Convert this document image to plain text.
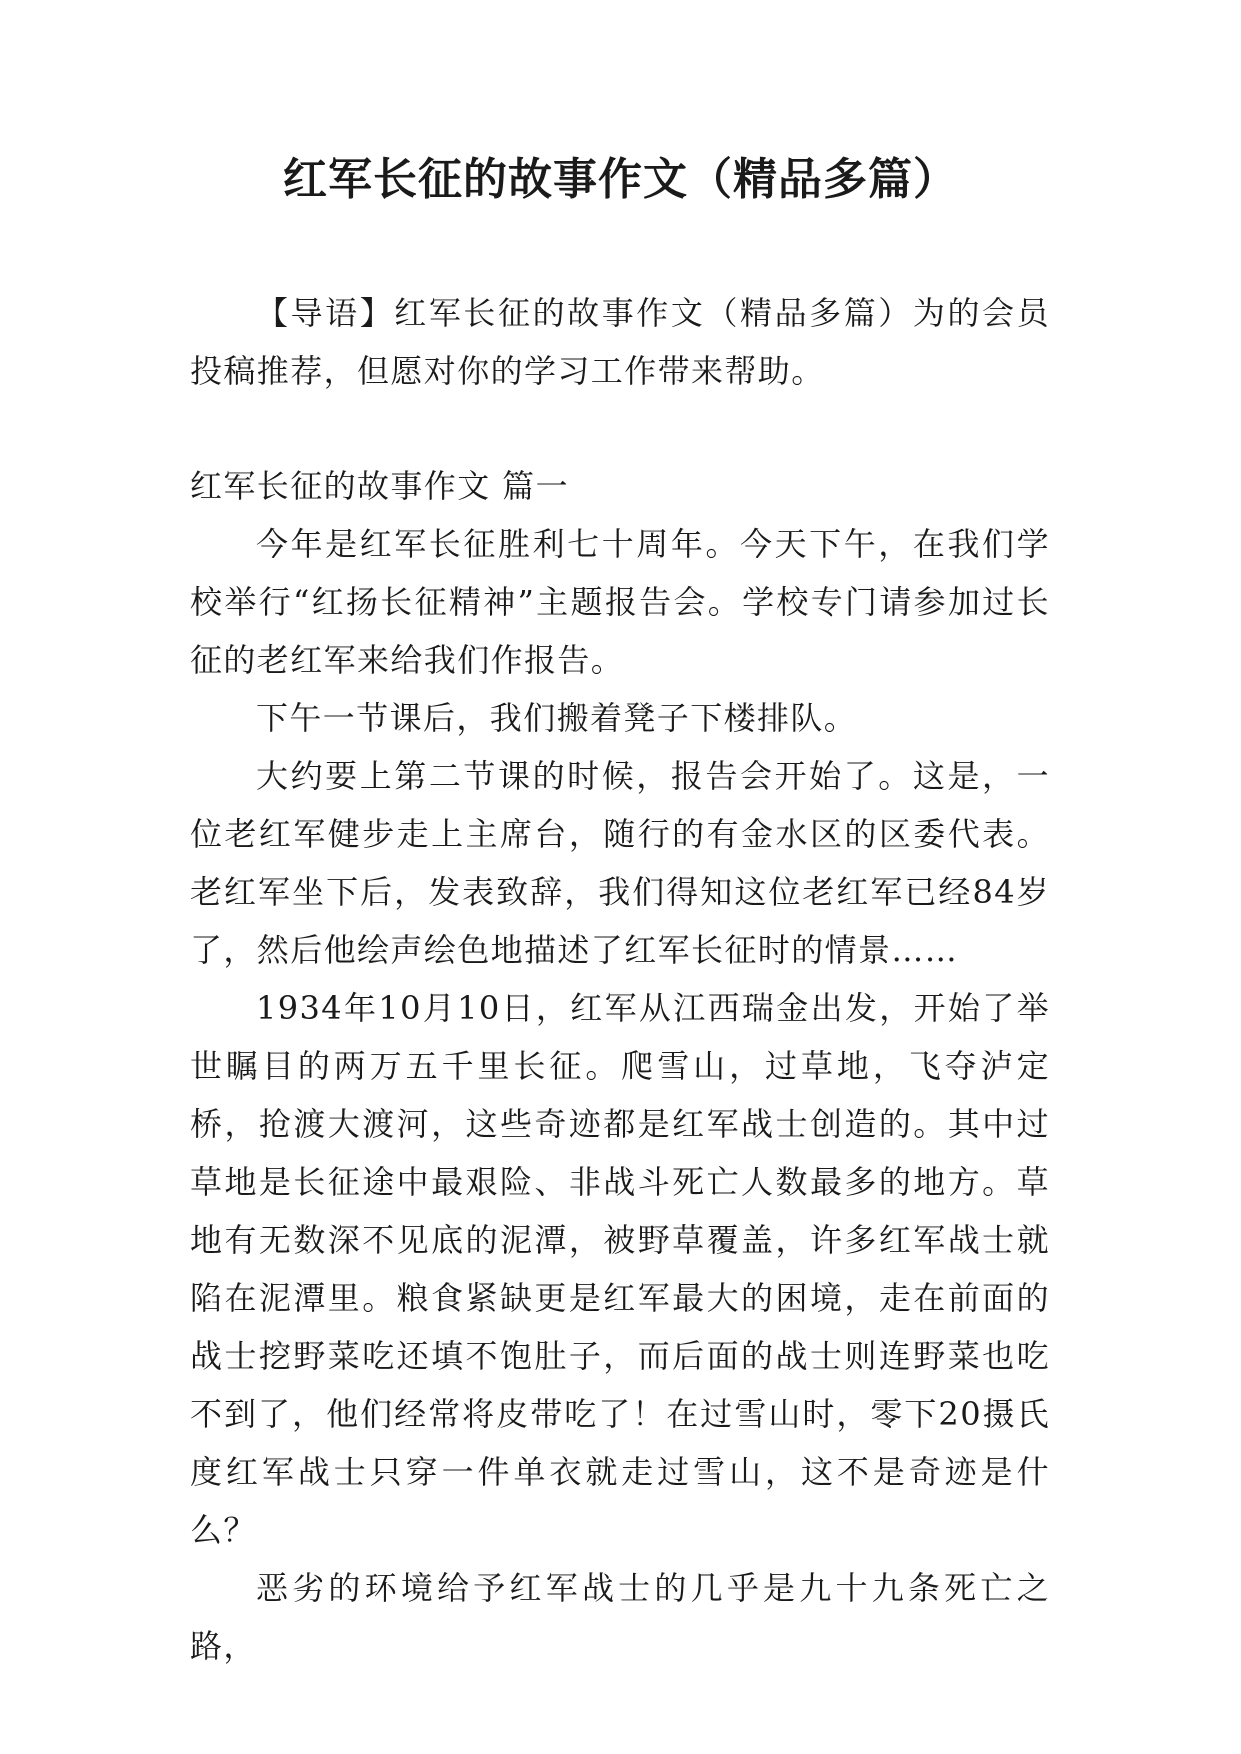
红军长征的故事作文（精品多篇）

【导语】红军长征的故事作文（精品多篇）为的会员投稿推荐，但愿对你的学习工作带来帮助。

红军长征的故事作文 篇一

今年是红军长征胜利七十周年。今天下午，在我们学校举行“红扬长征精神”主题报告会。学校专门请参加过长征的老红军来给我们作报告。

下午一节课后，我们搬着凳子下楼排队。

大约要上第二节课的时候，报告会开始了。这是，一位老红军健步走上主席台，随行的有金水区的区委代表。老红军坐下后，发表致辞，我们得知这位老红军已经84岁了，然后他绘声绘色地描述了红军长征时的情景……

1934年10月10日，红军从江西瑞金出发，开始了举世瞩目的两万五千里长征。爬雪山，过草地，飞夺泸定桥，抢渡大渡河，这些奇迹都是红军战士创造的。其中过草地是长征途中最艰险、非战斗死亡人数最多的地方。草地有无数深不见底的泥潭，被野草覆盖，许多红军战士就陷在泥潭里。粮食紧缺更是红军最大的困境，走在前面的战士挖野菜吃还填不饱肚子，而后面的战士则连野菜也吃不到了，他们经常将皮带吃了！在过雪山时，零下20摄氏度红军战士只穿一件单衣就走过雪山，这不是奇迹是什么？

恶劣的环境给予红军战士的几乎是九十九条死亡之路，
